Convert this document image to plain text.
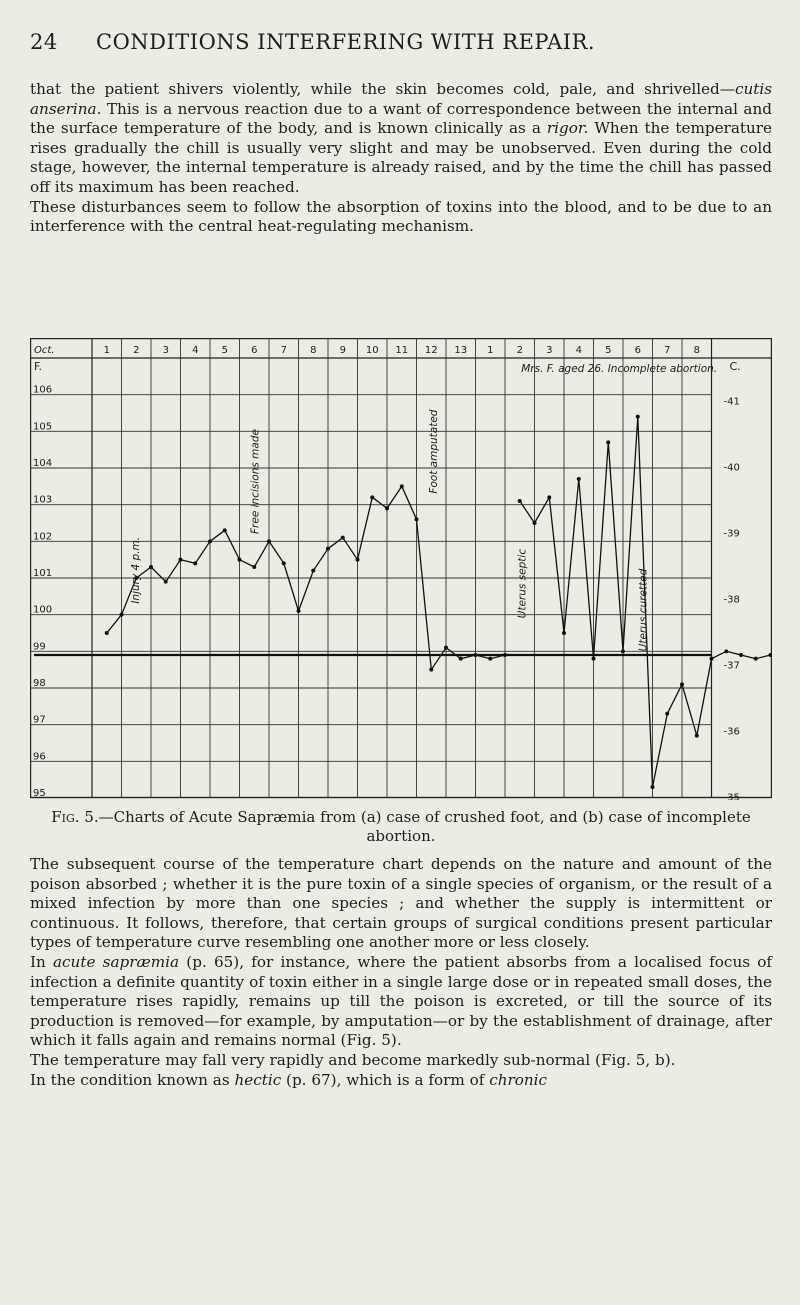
24 CONDITIONS INTERFERING WITH REPAIR.

that the patient shivers violently, while the skin becomes cold, pale, and shrivelled—cutis anserina. This is a nervous reaction due to a want of correspondence between the internal and the surface temperature of the body, and is known clinically as a rigor. When the temperature rises gradually the chill is usually very slight and may be unobserved. Even during the cold stage, however, the internal temperature is already raised, and by the time the chill has passed off its maximum has been reached.

These disturbances seem to follow the absorption of toxins into the blood, and to be due to an interference with the central heat-regulating mechanism.

Oct.	1 2 3 4 5 6 7 8 9 10 11 12 13 1 2 3 4 5 6 7 8
F.
106
105
104
103
102
101
100
99
98
97
96
95
C.
-41
-40
-39
-38
-37
-36
-35
Injury 4 p.m.
Free incisions made	Foot amputated
Uterus septic	Uterus curetted
Mrs. F. aged 26. Incomplete abortion.
Fig. 5.—Charts of Acute Sapræmia from (a) case of crushed foot, and (b) case of incomplete abortion.

The subsequent course of the temperature chart depends on the nature and amount of the poison absorbed ; whether it is the pure toxin of a single species of organism, or the result of a mixed infection by more than one species ; and whether the supply is intermittent or continuous. It follows, therefore, that certain groups of surgical conditions present particular types of temperature curve resembling one another more or less closely.

In acute sapræmia (p. 65), for instance, where the patient absorbs from a localised focus of infection a definite quantity of toxin either in a single large dose or in repeated small doses, the temperature rises rapidly, remains up till the poison is excreted, or till the source of its production is removed—for example, by amputation—or by the establishment of drainage, after which it falls again and remains normal (Fig. 5).

The temperature may fall very rapidly and become markedly sub-normal (Fig. 5, b).

In the condition known as hectic (p. 67), which is a form of chronic
